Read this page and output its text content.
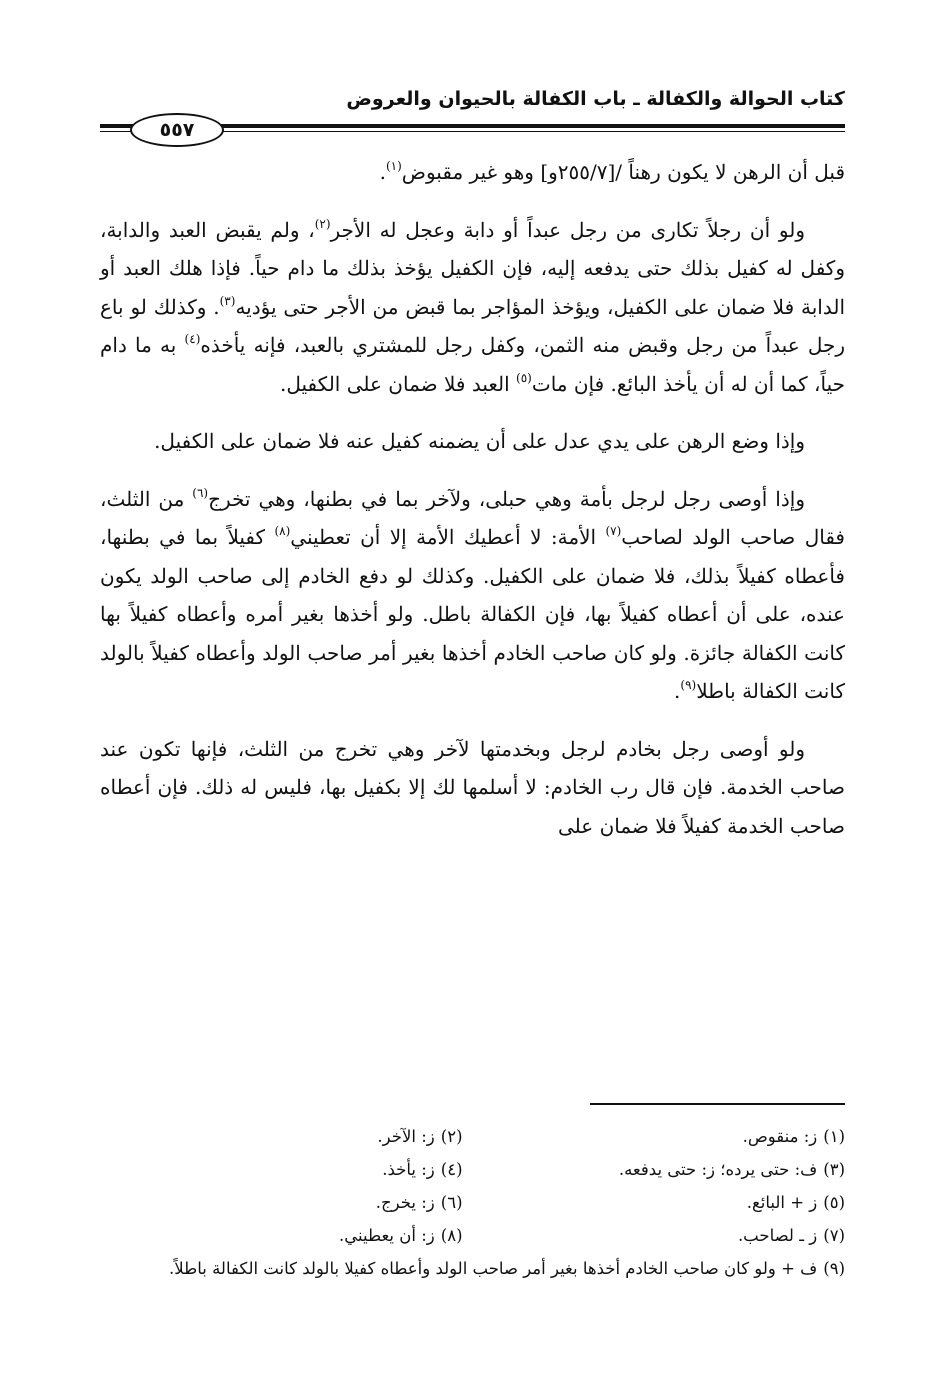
كتاب الحوالة والكفالة ـ باب الكفالة بالحيوان والعروض
٥٥٧

قبل أن الرهن لا يكون رهناً /[٢٥٥/٧و] وهو غير مقبوض$^{(١)}$.

ولو أن رجلاً تكارى من رجل عبداً أو دابة وعجل له الأجر$^{(٢)}$، ولم يقبض العبد والدابة، وكفل له كفيل بذلك حتى يدفعه إليه، فإن الكفيل يؤخذ بذلك ما دام حياً. فإذا هلك العبد أو الدابة فلا ضمان على الكفيل، ويؤخذ المؤاجر بما قبض من الأجر حتى يؤديه$^{(٣)}$. وكذلك لو باع رجل عبداً من رجل وقبض منه الثمن، وكفل رجل للمشتري بالعبد، فإنه يأخذه$^{(٤)}$ به ما دام حياً، كما أن له أن يأخذ البائع. فإن مات$^{(٥)}$ العبد فلا ضمان على الكفيل.

وإذا وضع الرهن على يدي عدل على أن يضمنه كفيل عنه فلا ضمان على الكفيل.

وإذا أوصى رجل لرجل بأمة وهي حبلى، ولآخر بما في بطنها، وهي تخرج$^{(٦)}$ من الثلث، فقال صاحب الولد لصاحب$^{(٧)}$ الأمة: لا أعطيك الأمة إلا أن تعطيني$^{(٨)}$ كفيلاً بما في بطنها، فأعطاه كفيلاً بذلك، فلا ضمان على الكفيل. وكذلك لو دفع الخادم إلى صاحب الولد يكون عنده، على أن أعطاه كفيلاً بها، فإن الكفالة باطل. ولو أخذها بغير أمره وأعطاه كفيلاً بها كانت الكفالة جائزة. ولو كان صاحب الخادم أخذها بغير أمر صاحب الولد وأعطاه كفيلاً بالولد كانت الكفالة باطلا$^{(٩)}$.

ولو أوصى رجل بخادم لرجل وبخدمتها لآخر وهي تخرج من الثلث، فإنها تكون عند صاحب الخدمة. فإن قال رب الخادم: لا أسلمها لك إلا بكفيل بها، فليس له ذلك. فإن أعطاه صاحب الخدمة كفيلاً فلا ضمان على

(١)ز: منقوص.
(٢)ز: الآخر.
(٣)ف: حتى يرده؛ ز: حتى يدفعه.
(٤)ز: يأخذ.
(٥)ز + البائع.
(٦)ز: يخرج.
(٧)ز ـ لصاحب.
(٨)ز: أن يعطيني.
(٩)ف + ولو كان صاحب الخادم أخذها بغير أمر صاحب الولد وأعطاه كفيلا بالولد كانت الكفالة باطلاً.
